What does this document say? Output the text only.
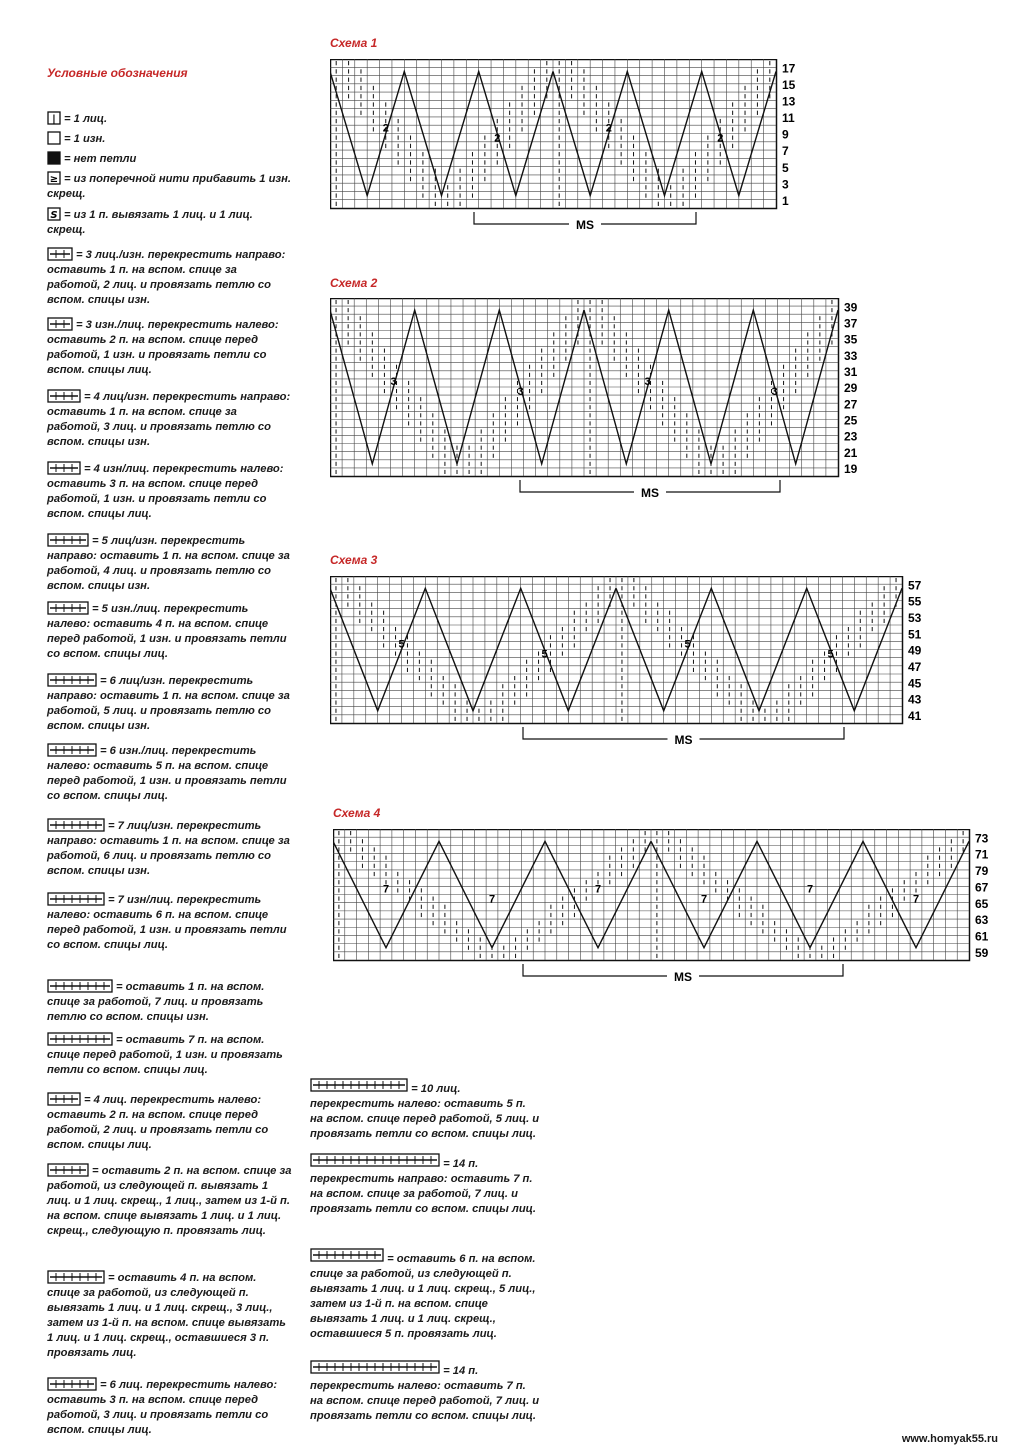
Условные обозначения
| = 1 лиц.
= 1 изн.
= нет петли
≥ = из поперечной нити прибавить 1 изн. скрещ.
Ѕ = из 1 п. вывязать 1 лиц. и 1 лиц. скрещ.
= 3 лиц./изн. перекрестить направо: оставить 1 п. на вспом. спице за работой, 2 лиц. и провязать петлю со вспом. спицы изн.
= 3 изн./лиц. перекрестить налево: оставить 2 п. на вспом. спице перед работой, 1 изн. и провязать петли со вспом. спицы лиц.
= 4 лиц/изн. перекрестить направо: оставить 1 п. на вспом. спице за работой, 3 лиц. и провязать петлю со вспом. спицы изн.
= 4 изн/лиц. перекрестить налево: оставить 3 п. на вспом. спице перед работой, 1 изн. и провязать петли со вспом. спицы лиц.
= 5 лиц/изн. перекрестить направо: оставить 1 п. на вспом. спице за работой, 4 лиц. и провязать петлю со вспом. спицы изн.
= 5 изн./лиц. перекрестить налево: оставить 4 п. на вспом. спице перед работой, 1 изн. и провязать петли со вспом. спицы лиц.
= 6 лиц/изн. перекрестить направо: оставить 1 п. на вспом. спице за работой, 5 лиц. и провязать петлю со вспом. спицы изн.
= 6 изн./лиц. перекрестить налево: оставить 5 п. на вспом. спице перед работой, 1 изн. и провязать петли со вспом. спицы лиц.
= 7 лиц/изн. перекрестить направо: оставить 1 п. на вспом. спице за работой, 6 лиц. и провязать петлю со вспом. спицы изн.
= 7 изн/лиц. перекрестить налево: оставить 6 п. на вспом. спице перед работой, 1 изн. и провязать петли со вспом. спицы лиц.
= оставить 1 п. на вспом. спице за работой, 7 лиц. и провязать петлю со вспом. спицы изн.
= оставить 7 п. на вспом. спице перед работой, 1 изн. и провязать петли со вспом. спицы лиц.
= 4 лиц. перекрестить налево: оставить 2 п. на вспом. спице перед работой, 2 лиц. и провязать петли со вспом. спицы лиц.
= оставить 2 п. на вспом. спице за работой, из следующей п. вывязать 1 лиц. и 1 лиц. скрещ., 1 лиц., затем из 1-й п. на вспом. спице вывязать 1 лиц. и 1 лиц. скрещ., следующую п. провязать лиц.
= оставить 4 п. на вспом. спице за работой, из следующей п. вывязать 1 лиц. и 1 лиц. скрещ., 3 лиц., затем из 1-й п. на вспом. спице вывязать 1 лиц. и 1 лиц. скрещ., оставшиеся 3 п. провязать лиц.
= 6 лиц. перекрестить налево: оставить 3 п. на вспом. спице перед работой, 3 лиц. и провязать петли со вспом. спицы лиц.
= 10 лиц. перекрестить налево: оставить 5 п. на вспом. спице перед работой, 5 лиц. и провязать петли со вспом. спицы лиц.
= 14 п. перекрестить направо: оставить 7 п. на вспом. спице за работой, 7 лиц. и провязать петли со вспом. спицы лиц.
= оставить 6 п. на вспом. спице за работой, из следующей п. вывязать 1 лиц. и 1 лиц. скрещ., 5 лиц., затем из 1-й п. на вспом. спице вывязать 1 лиц. и 1 лиц. скрещ., оставшиеся 5 п. провязать лиц.
= 14 п. перекрестить налево: оставить 7 п. на вспом. спице перед работой, 7 лиц. и провязать петли со вспом. спицы лиц.
Схема 1
2
2
2
2
17
15
13
11
9
7
5
3
1
MS
Схема 2
3
3
3
3
39
37
35
33
31
29
27
25
23
21
19
MS
Схема 3
5
5
5
5
57
55
53
51
49
47
45
43
41
MS
Схема 4
7
7
7
7
7
7
73
71
79
67
65
63
61
59
MS
www.homyak55.ru
